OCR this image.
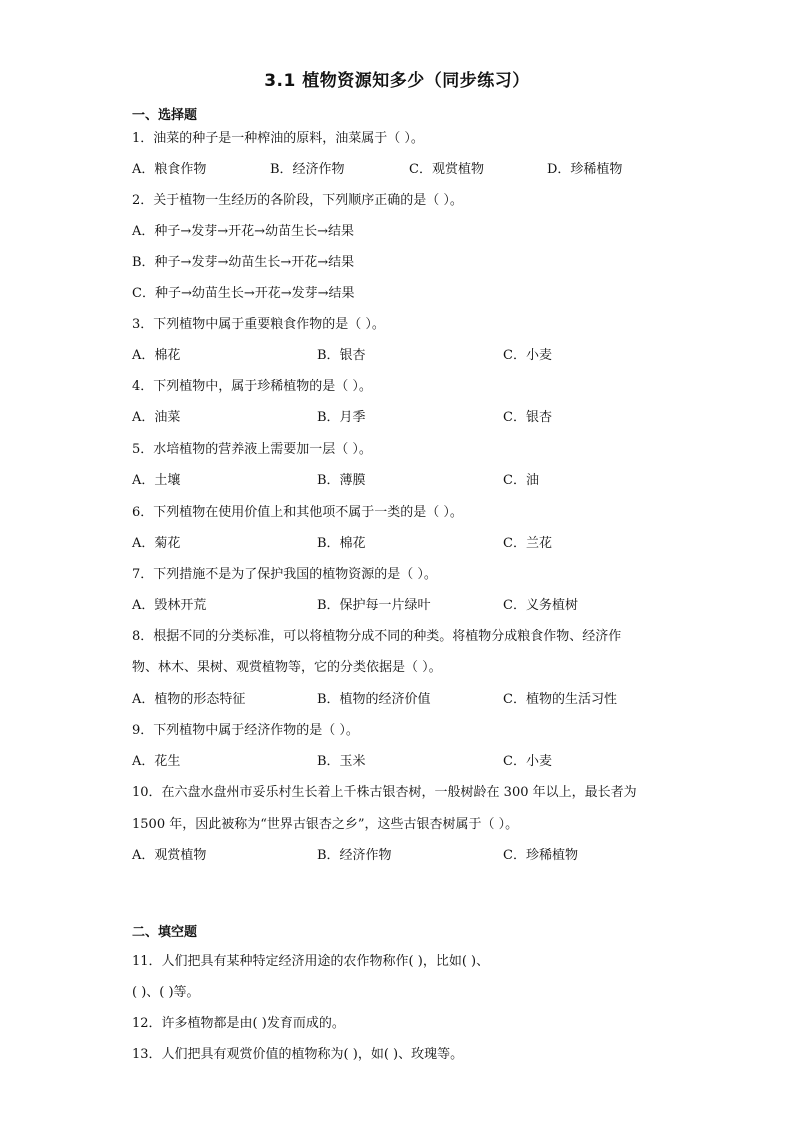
3.1 植物资源知多少（同步练习）
一、选择题
1．油菜的种子是一种榨油的原料，油菜属于（ ）。
A．粮食作物	B．经济作物	C．观赏植物	D．珍稀植物
2．关于植物一生经历的各阶段，下列顺序正确的是（ ）。
A．种子→发芽→开花→幼苗生长→结果
B．种子→发芽→幼苗生长→开花→结果
C．种子→幼苗生长→开花→发芽→结果
3．下列植物中属于重要粮食作物的是（ ）。
A．棉花	B．银杏	C．小麦
4．下列植物中，属于珍稀植物的是（ ）。
A．油菜	B．月季	C．银杏
5．水培植物的营养液上需要加一层（ ）。
A．土壤	B．薄膜	C．油
6．下列植物在使用价值上和其他项不属于一类的是（ ）。
A．菊花	B．棉花	C．兰花
7．下列措施不是为了保护我国的植物资源的是（ ）。
A．毁林开荒	B．保护每一片绿叶	C．义务植树
8．根据不同的分类标准，可以将植物分成不同的种类。将植物分成粮食作物、经济作
物、林木、果树、观赏植物等，它的分类依据是（ ）。
A．植物的形态特征	B．植物的经济价值	C．植物的生活习性
9．下列植物中属于经济作物的是（ ）。
A．花生	B．玉米	C．小麦
10．在六盘水盘州市妥乐村生长着上千株古银杏树，一般树龄在 300 年以上，最长者为
1500 年，因此被称为“世界古银杏之乡”，这些古银杏树属于（ ）。
A．观赏植物	B．经济作物	C．珍稀植物
二、填空题
11．人们把具有某种特定经济用途的农作物称作( )，比如( )、
( )、( )等。
12．许多植物都是由( )发育而成的。
13．人们把具有观赏价值的植物称为( )，如( )、玫瑰等。
